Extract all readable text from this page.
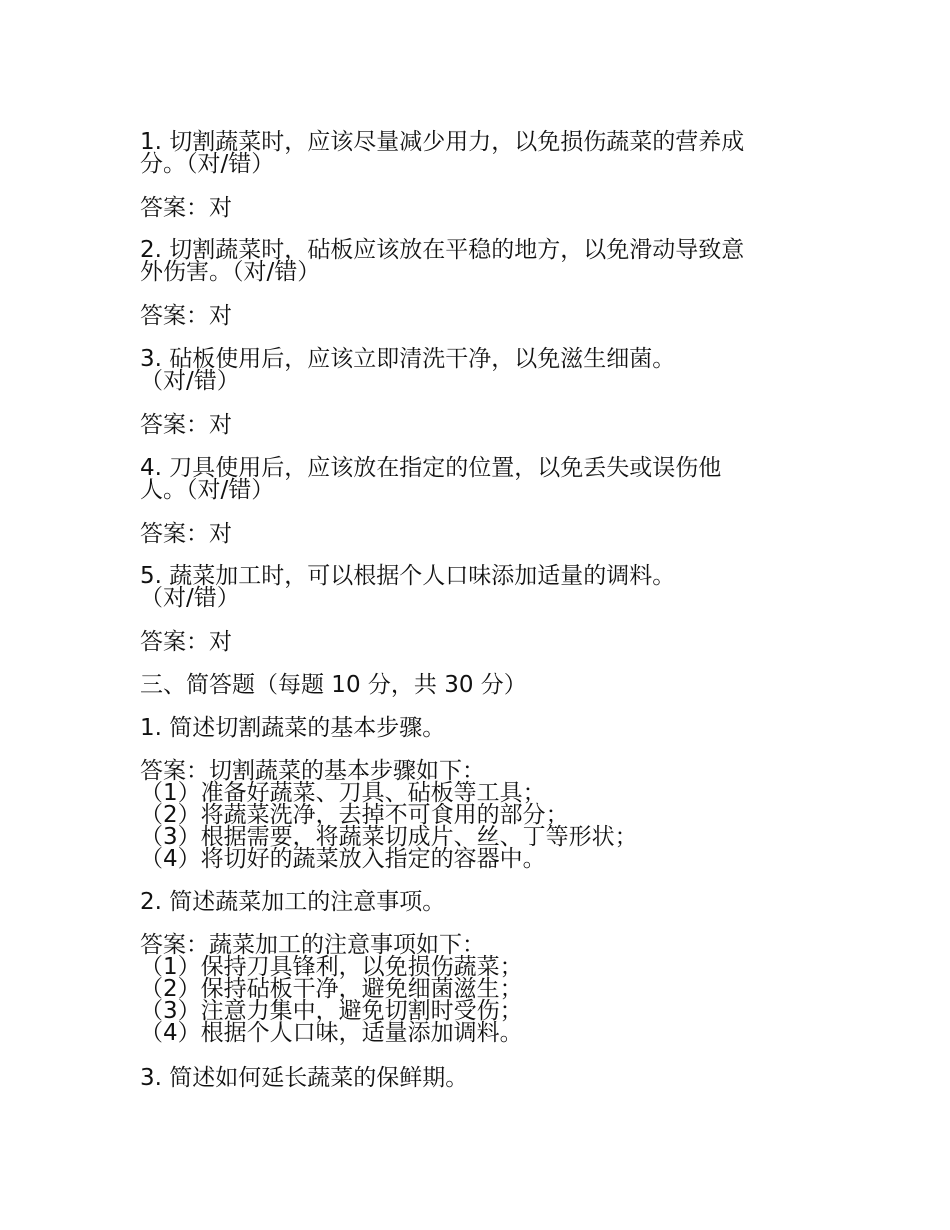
1. 切割蔬菜时，应该尽量减少用力，以免损伤蔬菜的营养成
分。（对/错）
答案：对
2. 切割蔬菜时，砧板应该放在平稳的地方，以免滑动导致意
外伤害。（对/错）
答案：对
3. 砧板使用后，应该立即清洗干净，以免滋生细菌。
（对/错）
答案：对
4. 刀具使用后，应该放在指定的位置，以免丢失或误伤他
人。（对/错）
答案：对
5. 蔬菜加工时，可以根据个人口味添加适量的调料。
（对/错）
答案：对
三、简答题（每题 10 分，共 30 分）
1. 简述切割蔬菜的基本步骤。
答案：切割蔬菜的基本步骤如下：
（1）准备好蔬菜、刀具、砧板等工具；
（2）将蔬菜洗净，去掉不可食用的部分；
（3）根据需要，将蔬菜切成片、丝、丁等形状；
（4）将切好的蔬菜放入指定的容器中。
2. 简述蔬菜加工的注意事项。
答案：蔬菜加工的注意事项如下：
（1）保持刀具锋利，以免损伤蔬菜；
（2）保持砧板干净，避免细菌滋生；
（3）注意力集中，避免切割时受伤；
（4）根据个人口味，适量添加调料。
3. 简述如何延长蔬菜的保鲜期。
